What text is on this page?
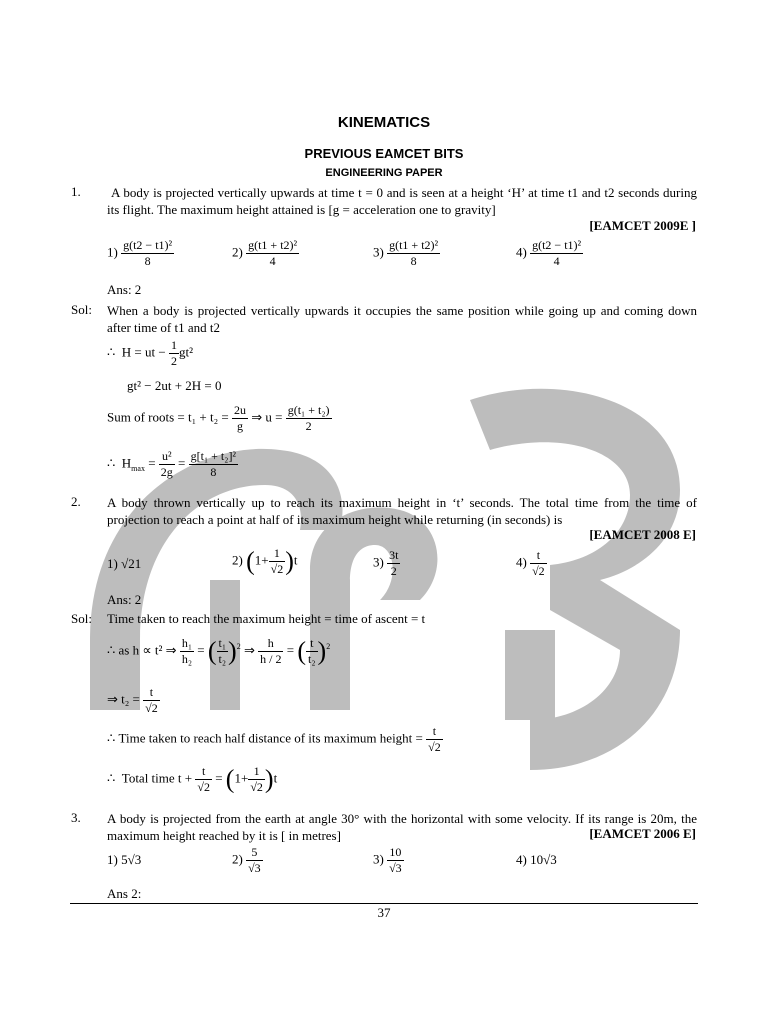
KINEMATICS
PREVIOUS EAMCET BITS
ENGINEERING PAPER
1.	A body is projected vertically upwards at time t = 0 and is seen at a height ‘H’ at time t1 and t2 seconds during its flight. The maximum height attained is [g = acceleration one to gravity]
[EAMCET 2009E ]
$1) \frac{\text{g(t2 − t1)²}}{8}$	$2) \frac{\text{g(t1 + t2)²}}{4}$	$3) \frac{\text{g(t1 + t2)²}}{8}$	$4) \frac{\text{g(t2 − t1)²}}{4}$
Ans: 2
Sol: When a body is projected vertically upwards it occupies the same position while going up and coming down after time of t1 and t2
∴ H = ut − $\frac{1}{2} gt^2$
gt² − 2ut + 2H = 0
Sum of roots = $t_1 + t_2 = \frac{2u}{g}$ ⇒ $u = \frac{\text{g(t₁ + t₂)}}{2}$
∴ $H_{max} = \frac{\text{u²}}{2g} = \frac{\text{g[t₁ + t₂]²}}{8}$
2. A body thrown vertically up to reach its maximum height in ‘t’ seconds. The total time from the time of projection to reach a point at half of its maximum height while returning (in seconds) is
[EAMCET 2008 E]
1) √21	2) $(1+ \frac{1}{√2} )t$	$3) \frac{3t}{2}$	$4) \frac{t}{√2}$
Ans: 2
Sol: Time taken to reach the maximum height = time of ascent = t
∴ as h ∝ t² ⇒ $\frac{\text{h₁}}{\text{h₂}}$ = ( $\frac{\text{t₁}}{\text{t₂}} )^2$ ⇒ $\frac{h}{h / 2}$ = ( $\frac{t}{\text{t₂}} )^2$
⇒ $t_2 = \frac{t}{√2}$
∴ Time taken to reach half distance of its maximum height = $\frac{t}{√2}$
∴ Total time $t + \frac{t}{√2} = (1+ \frac{1}{√2} )t$
3. A body is projected from the earth at angle 30° with the horizontal with some velocity. If its range is 20m, the maximum height reached by it is [ in metres]	[EAMCET 2006 E]
1) 5√3	$2) \frac{5}{√3}$	$3) \frac{10}{√3}$	4) 10√3
Ans 2:
37
